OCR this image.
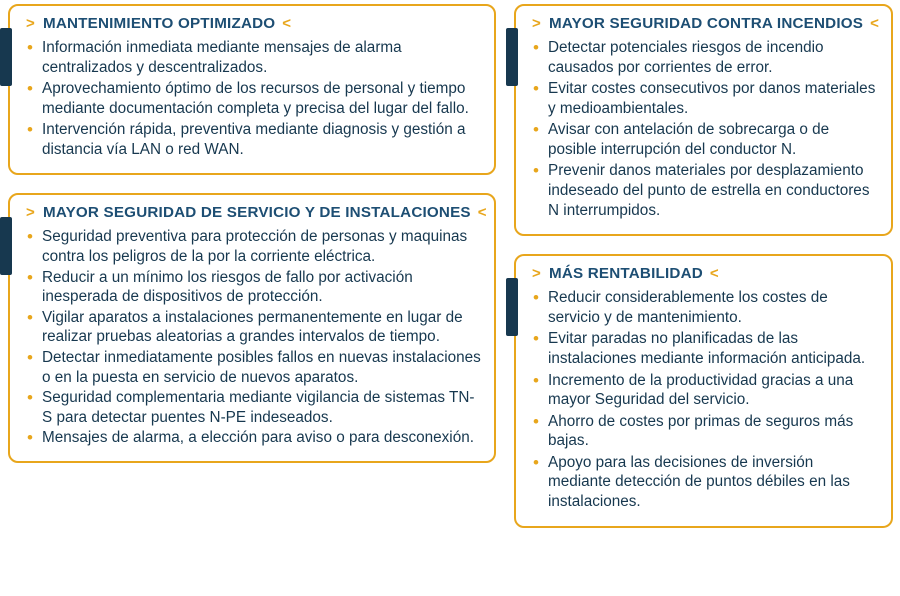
> MANTENIMIENTO OPTIMIZADO <
• Información inmediata mediante mensajes de alarma centralizados y descentralizados.
• Aprovechamiento óptimo de los recursos de personal y tiempo mediante documentación completa y precisa del lugar del fallo.
• Intervención rápida, preventiva mediante diagnosis y gestión a distancia vía LAN o red WAN.
> MAYOR SEGURIDAD DE SERVICIO Y DE INSTALACIONES <
• Seguridad preventiva para protección de personas y maquinas contra los peligros de la por la corriente eléctrica.
• Reducir a un mínimo los riesgos de fallo por activación inesperada de dispositivos de protección.
• Vigilar aparatos a instalaciones permanentemente en lugar de realizar pruebas aleatorias a grandes intervalos de tiempo.
• Detectar inmediatamente posibles fallos en nuevas instalaciones o en la puesta en servicio de nuevos aparatos.
• Seguridad complementaria mediante vigilancia de sistemas TN-S para detectar puentes N-PE indeseados.
• Mensajes de alarma, a elección para aviso o para desconexión.
> MAYOR SEGURIDAD CONTRA INCENDIOS <
• Detectar potenciales riesgos de incendio causados por corrientes de error.
• Evitar costes consecutivos por danos materiales y medioambientales.
• Avisar con antelación de sobrecarga o de posible interrupción del conductor N.
• Prevenir danos materiales por desplazamiento indeseado del punto de estrella en conductores N interrumpidos.
> MÁS RENTABILIDAD <
• Reducir considerablemente los costes de servicio y de mantenimiento.
• Evitar paradas no planificadas de las instalaciones mediante información anticipada.
• Incremento de la productividad gracias a una mayor Seguridad del servicio.
• Ahorro de costes por primas de seguros más bajas.
• Apoyo para las decisiones de inversión mediante detección de puntos débiles en las instalaciones.
